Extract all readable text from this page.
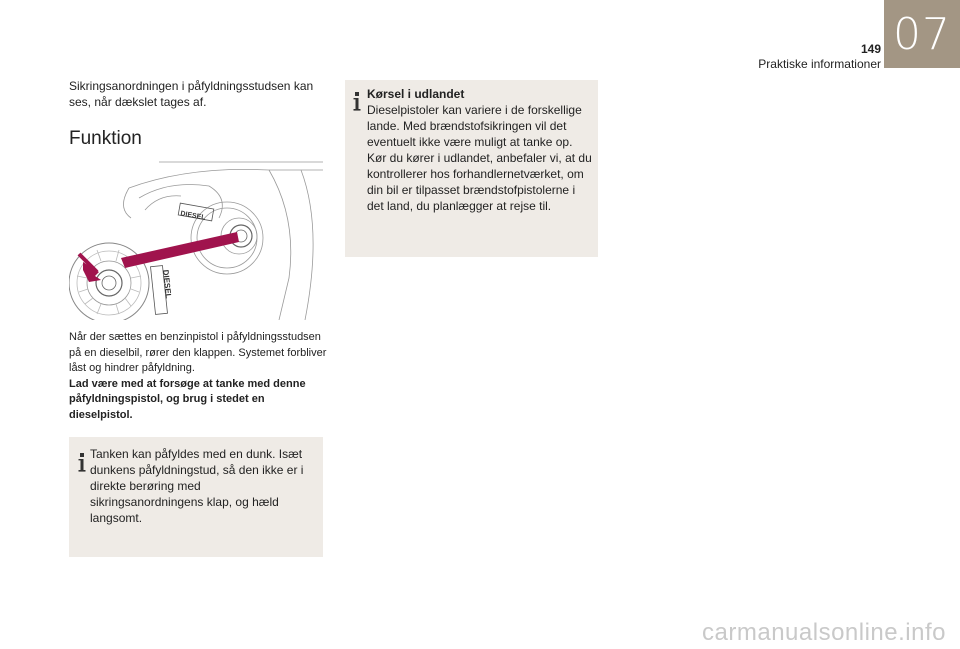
07
149
Praktiske informationer
Sikringsanordningen i påfyldningsstudsen kan ses, når dækslet tages af.
Funktion
DIESEL
DIESEL
Når der sættes en benzinpistol i påfyldningsstudsen på en dieselbil, rører den klappen. Systemet forbliver låst og hindrer påfyldning.
Lad være med at forsøge at tanke med denne påfyldningspistol, og brug i stedet en dieselpistol.
Tanken kan påfyldes med en dunk. Isæt dunkens påfyldningstud, så den ikke er i direkte berøring med sikringsanordningens klap, og hæld langsomt.
Kørsel i udlandet
Dieselpistoler kan variere i de forskellige lande. Med brændstofsikringen vil det eventuelt ikke være muligt at tanke op. Kør du kører i udlandet, anbefaler vi, at du kontrollerer hos forhandlernetværket, om din bil er tilpasset brændstofpistolerne i det land, du planlægger at rejse til.
carmanualsonline.info
